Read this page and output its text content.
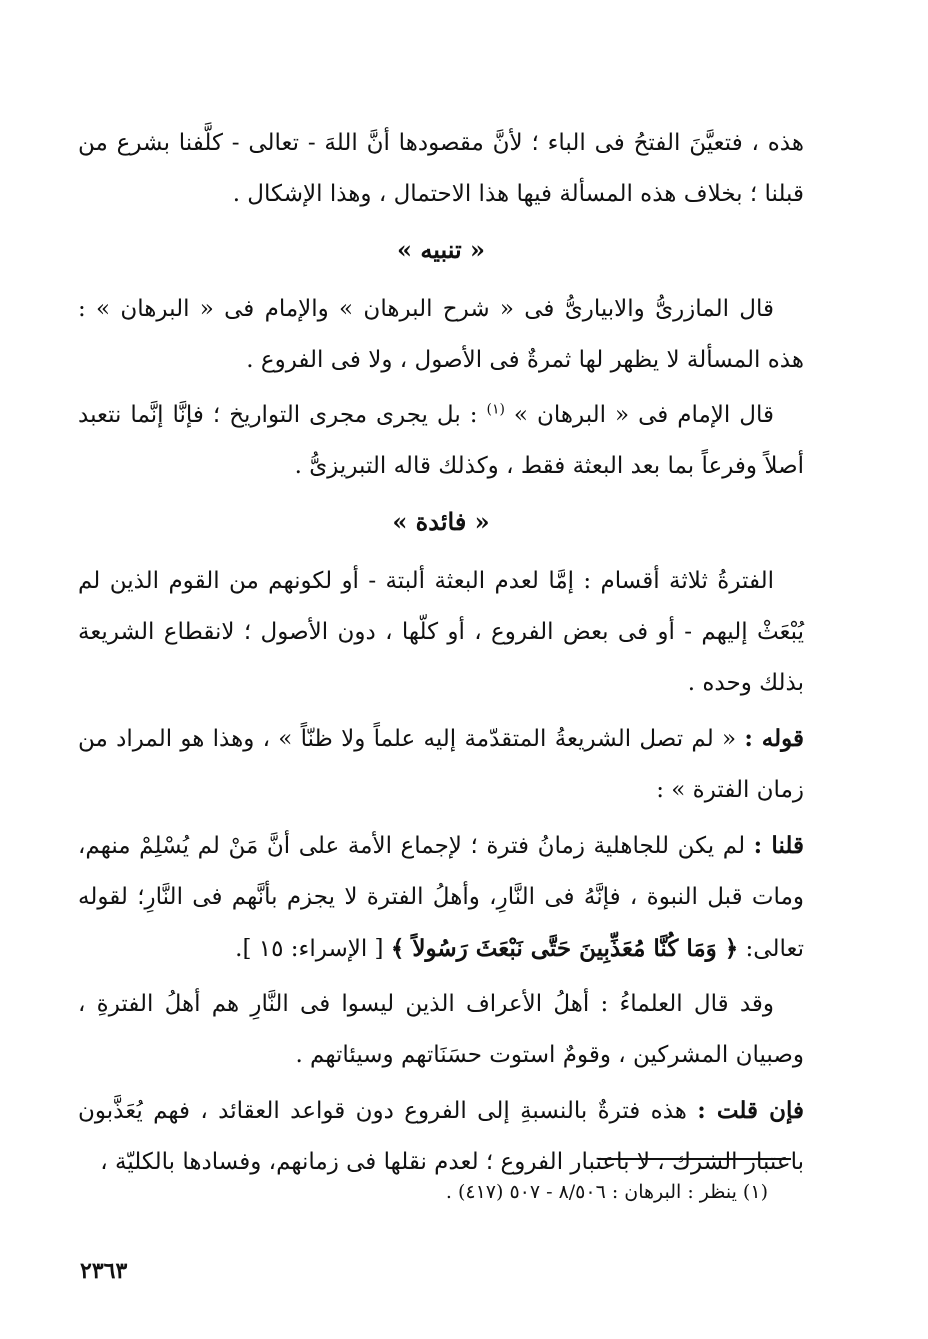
هذه ، فتعيَّنَ الفتحُ فى الباء ؛ لأنَّ مقصودها أنَّ اللهَ - تعالى - كلَّفنا بشرع من قبلنا ؛ بخلاف هذه المسألة فيها هذا الاحتمال ، وهذا الإشكال .

« تنبيه »

قال المازرىُّ والابيارىُّ فى « شرح البرهان » والإمام فى « البرهان » : هذه المسألة لا يظهر لها ثمرةٌ فى الأصول ، ولا فى الفروع .

قال الإمام فى « البرهان » $^{(١)}$ : بل يجرى مجرى التواريخ ؛ فإنَّا إنَّما نتعبد أصلاً وفرعاً بما بعد البعثة فقط ، وكذلك قاله التبريزىُّ .

« فائدة »

الفترةُ ثلاثة أقسام : إمَّا لعدم البعثة ألبتة - أو لكونهم من القوم الذين لم يُبْعَثْ إليهم - أو فى بعض الفروع ، أو كلّها ، دون الأصول ؛ لانقطاع الشريعة بذلك وحده .

قوله : « لم تصل الشريعةُ المتقدّمة إليه علماً ولا ظنّاً » ، وهذا هو المراد من زمان الفترة » :

قلنا : لم يكن للجاهلية زمانُ فترة ؛ لإجماع الأمة على أنَّ مَنْ لم يُسْلِمْ منهم، ومات قبل النبوة ، فإنَّهُ فى النَّارِ، وأهلُ الفترة لا يجزم بأنَّهم فى النَّارِ؛ لقوله تعالى: ﴿ وَمَا كُنَّا مُعَذِّبِينَ حَتَّى نَبْعَثَ رَسُولاً ﴾ [ الإسراء: ١٥ ].

وقد قال العلماءُ : أهلُ الأعراف الذين ليسوا فى النَّارِ هم أهلُ الفترةِ ، وصبيان المشركين ، وقومٌ استوت حسَنَاتهم وسيئاتهم .

فإن قلت : هذه فترةٌ بالنسبةِ إلى الفروع دون قواعد العقائد ، فهم يُعَذَّبون باعتبار الشرك ، لا باعتبار الفروع ؛ لعدم نقلها فى زمانهم، وفسادها بالكليّة ،

(١) ينظر : البرهان : ٨/٥٠٦ - ٥٠٧ (٤١٧) .
٢٣٦٣
